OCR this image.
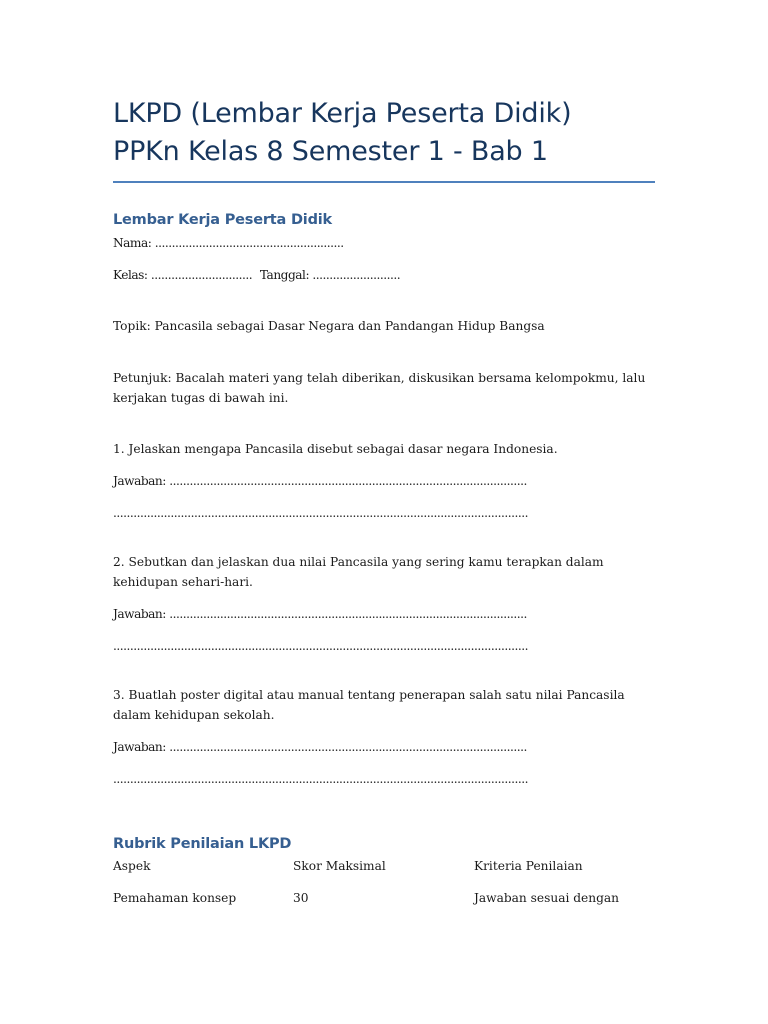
LKPD (Lembar Kerja Peserta Didik)
PPKn Kelas 8 Semester 1 - Bab 1
Lembar Kerja Peserta Didik

Nama: ........................................................

Kelas: .............................. Tanggal: ..........................

Topik: Pancasila sebagai Dasar Negara dan Pandangan Hidup Bangsa

Petunjuk: Bacalah materi yang telah diberikan, diskusikan bersama kelompokmu, lalu kerjakan tugas di bawah ini.

1. Jelaskan mengapa Pancasila disebut sebagai dasar negara Indonesia.

Jawaban: ..........................................................................................................

...........................................................................................................................

2. Sebutkan dan jelaskan dua nilai Pancasila yang sering kamu terapkan dalam kehidupan sehari-hari.

Jawaban: ..........................................................................................................

...........................................................................................................................

3. Buatlah poster digital atau manual tentang penerapan salah satu nilai Pancasila dalam kehidupan sekolah.

Jawaban: ..........................................................................................................

...........................................................................................................................

Rubrik Penilaian LKPD
Aspek	Skor Maksimal	Kriteria Penilaian
Pemahaman konsep	30	Jawaban sesuai dengan
